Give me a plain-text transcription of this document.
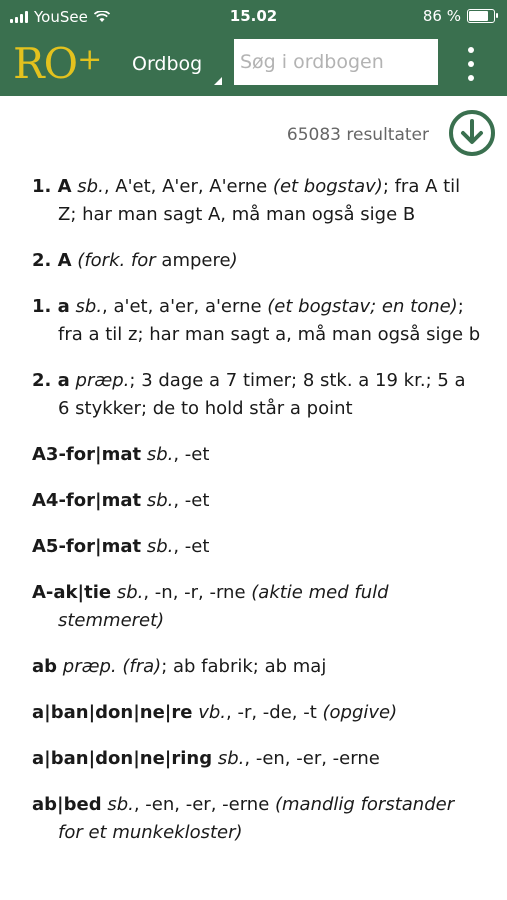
YouSee	15.02	86 %
RO+	Ordbog
Søg i ordbogen
65083 resultater
1. A sb., A'et, A'er, A'erne (et bogstav); fra A til Z; har man sagt A, må man også sige B
2. A (fork. for ampere)
1. a sb., a'et, a'er, a'erne (et bogstav; en tone); fra a til z; har man sagt a, må man også sige b
2. a præp.; 3 dage a 7 timer; 8 stk. a 19 kr.; 5 a 6 stykker; de to hold står a point
A3-for|mat sb., -et
A4-for|mat sb., -et
A5-for|mat sb., -et
A-ak|tie sb., -n, -r, -rne (aktie med fuld stemmeret)
ab præp. (fra); ab fabrik; ab maj
a|ban|don|ne|re vb., -r, -de, -t (opgive)
a|ban|don|ne|ring sb., -en, -er, -erne
ab|bed sb., -en, -er, -erne (mandlig forstander for et munkekloster)
